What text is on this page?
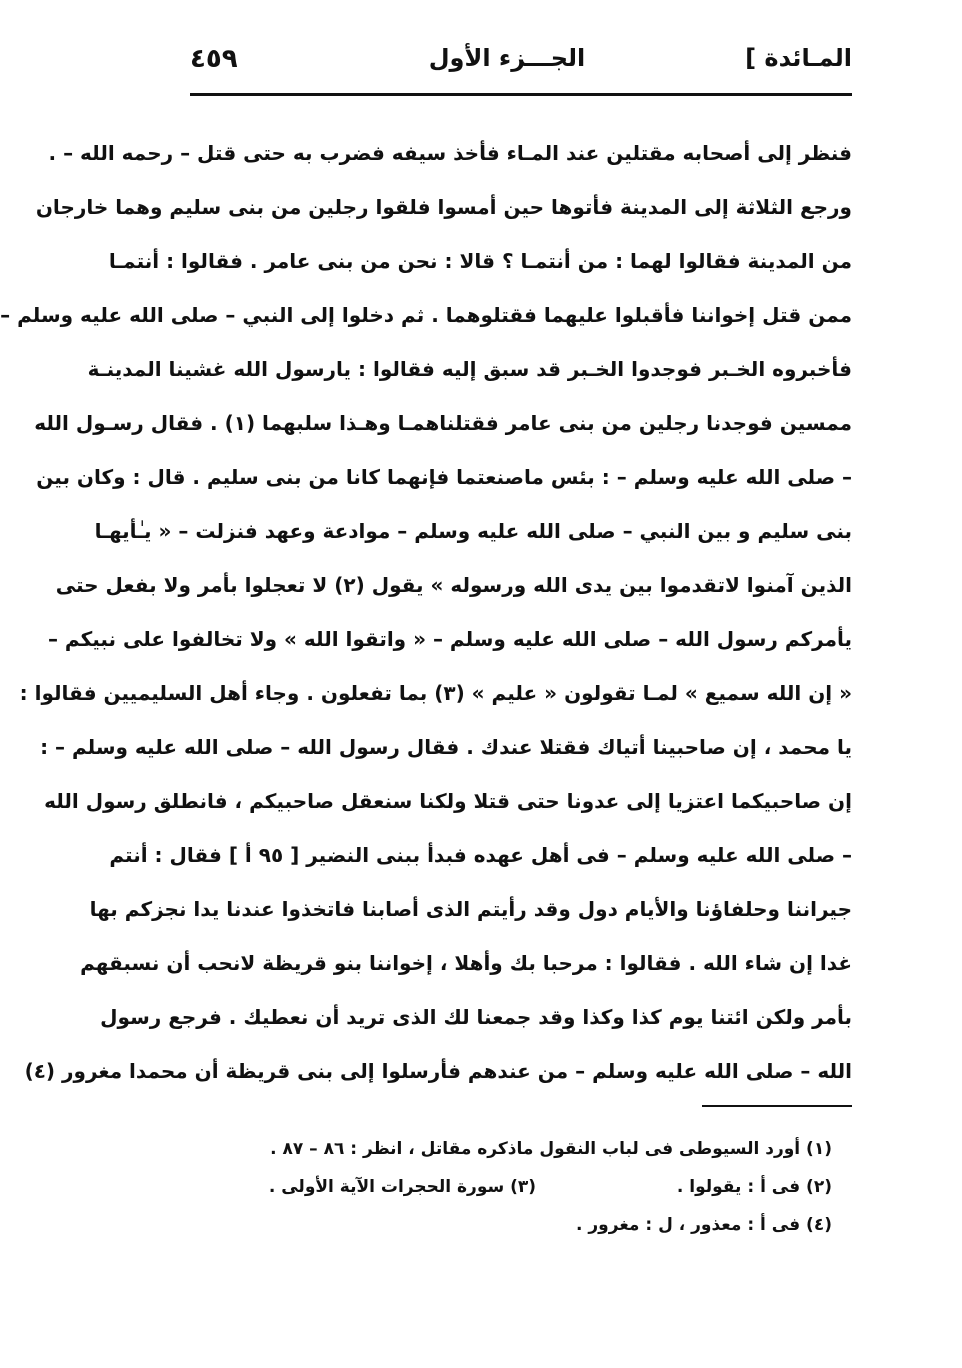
المـائدة ]
الجـــزء الأول
٤٥٩
فنظر إلى أصحابه مقتلين عند المـاء فأخذ سيفه فضرب به حتى قتل – رحمه الله – .
ورجع الثلاثة إلى المدينة فأتوها حين أمسوا فلقوا رجلين من بنى سليم وهما خارجان
من المدينة فقالوا لهما : من أنتمـا ؟ قالا : نحن من بنى عامر . فقالوا : أنتمـا
ممن قتل إخواننا فأقبلوا عليهما فقتلوهما . ثم دخلوا إلى النبي – صلى الله عليه وسلم –
فأخبروه الخـبر فوجدوا الخـبر قد سبق إليه فقالوا : يارسول الله غشينا المدينـة
ممسين فوجدنا رجلين من بنى عامر فقتلناهمـا وهـذا سلبهما (١) . فقال رسـول الله
– صلى الله عليه وسلم – : بئس ماصنعتما فإنهما كانا من بنى سليم . قال : وكان بين
بنى سليم و بين النبي – صلى الله عليه وسلم – موادعة وعهد فنزلت – « يـٰأيهـا
الذين آمنوا لاتقدموا بين يدى الله ورسوله » يقول (٢) لا تعجلوا بأمر ولا بفعل حتى
يأمركم رسول الله – صلى الله عليه وسلم – « واتقوا الله » ولا تخالفوا على نبيكم –
« إن الله سميع » لمـا تقولون « عليم » (٣) بما تفعلون . وجاء أهل السليميين فقالوا :
يا محمد ، إن صاحبينا أتياك فقتلا عندك . فقال رسول الله – صلى الله عليه وسلم – :
إن صاحبيكما اعتزيا إلى عدونا حتى قتلا ولكنا سنعقل صاحبيكم ، فانطلق رسول الله
– صلى الله عليه وسلم – فى أهل عهده فبدأ ببنى النضير [ ٩٥ أ ] فقال : أنتم
جيراننا وحلفاؤنا والأيام دول وقد رأيتم الذى أصابنا فاتخذوا عندنا يدا نجزكم بها
غدا إن شاء الله . فقالوا : مرحبا بك وأهلا ، إخواننا بنو قريظة لانحب أن نسبقهم
بأمر ولكن ائتنا يوم كذا وكذا وقد جمعنا لك الذى تريد أن نعطيك . فرجع رسول
الله – صلى الله عليه وسلم – من عندهم فأرسلوا إلى بنى قريظة أن محمدا مغرور (٤)
(١) أورد السيوطى فى لباب النقول ماذكره مقاتل ، انظر : ٨٦ – ٨٧ .
(٢) فى أ : يقولوا . (٣) سورة الحجرات الآية الأولى .
(٤) فى أ : معذور ، ل : مغرور .
